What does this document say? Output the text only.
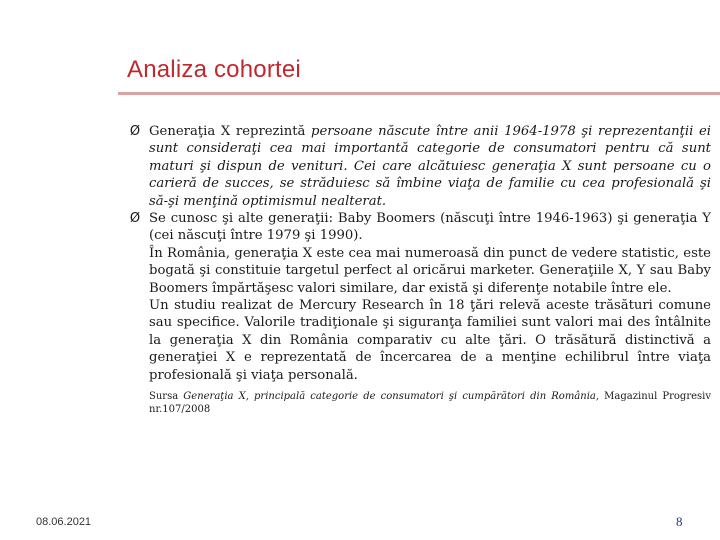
Analiza cohortei

Ø Generaţia X reprezintă persoane născute între anii 1964-1978 şi reprezentanţii ei sunt consideraţi cea mai importantă categorie de consumatori pentru că sunt maturi şi dispun de venituri. Cei care alcătuiesc generaţia X sunt persoane cu o carieră de succes, se străduiesc să îmbine viaţa de familie cu cea profesională şi să-şi menţină optimismul nealterat.

Ø Se cunosc şi alte generaţii: Baby Boomers (născuţi între 1946-1963) şi generaţia Y (cei născuţi între 1979 şi 1990).

În România, generaţia X este cea mai numeroasă din punct de vedere statistic, este bogată şi constituie targetul perfect al oricărui marketer. Generaţiile X, Y sau Baby Boomers împărtăşesc valori similare, dar există şi diferenţe notabile între ele.

Un studiu realizat de Mercury Research în 18 ţări relevă aceste trăsături comune sau specifice. Valorile tradiţionale şi siguranţa familiei sunt valori mai des întâlnite la generaţia X din România comparativ cu alte ţări. O trăsătură distinctivă a generaţiei X e reprezentată de încercarea de a menţine echilibrul între viaţa profesională şi viaţa personală.

Sursa Generaţia X, principală categorie de consumatori şi cumpărători din România, Magazinul Progresiv nr.107/2008
08.06.2021	8
